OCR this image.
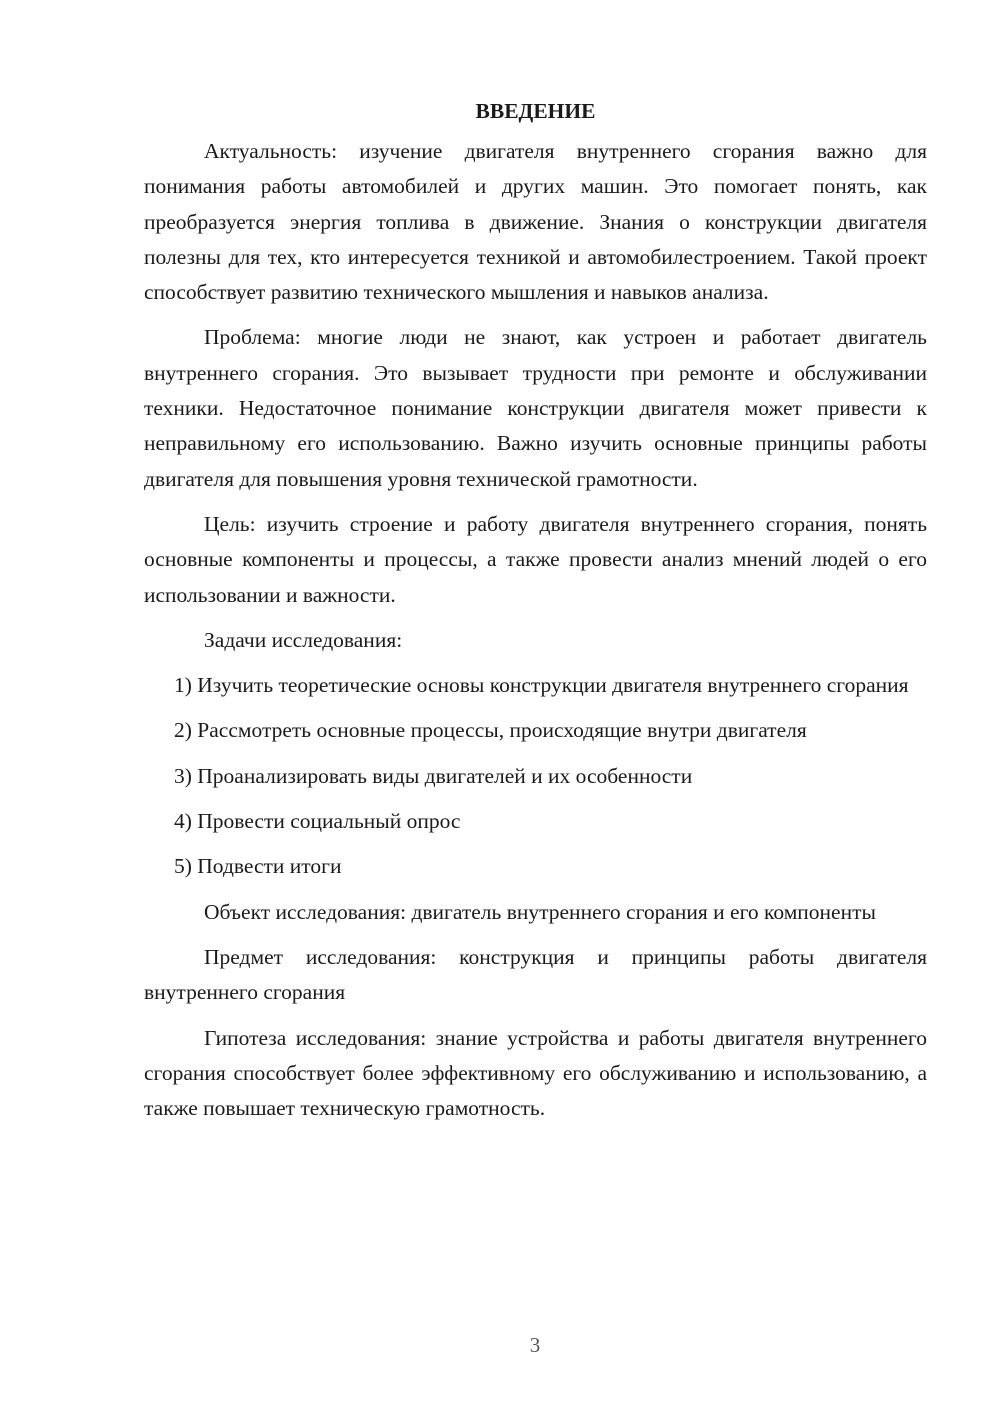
ВВЕДЕНИЕ

Актуальность: изучение двигателя внутреннего сгорания важно для понимания работы автомобилей и других машин. Это помогает понять, как преобразуется энергия топлива в движение. Знания о конструкции двигателя полезны для тех, кто интересуется техникой и автомобилестроением. Такой проект способствует развитию технического мышления и навыков анализа.

Проблема: многие люди не знают, как устроен и работает двигатель внутреннего сгорания. Это вызывает трудности при ремонте и обслуживании техники. Недостаточное понимание конструкции двигателя может привести к неправильному его использованию. Важно изучить основные принципы работы двигателя для повышения уровня технической грамотности.

Цель: изучить строение и работу двигателя внутреннего сгорания, понять основные компоненты и процессы, а также провести анализ мнений людей о его использовании и важности.

Задачи исследования:

1) Изучить теоретические основы конструкции двигателя внутреннего сгорания

2) Рассмотреть основные процессы, происходящие внутри двигателя

3) Проанализировать виды двигателей и их особенности

4) Провести социальный опрос

5) Подвести итоги

Объект исследования: двигатель внутреннего сгорания и его компоненты

Предмет исследования: конструкция и принципы работы двигателя внутреннего сгорания

Гипотеза исследования: знание устройства и работы двигателя внутреннего сгорания способствует более эффективному его обслуживанию и использованию, а также повышает техническую грамотность.

3
